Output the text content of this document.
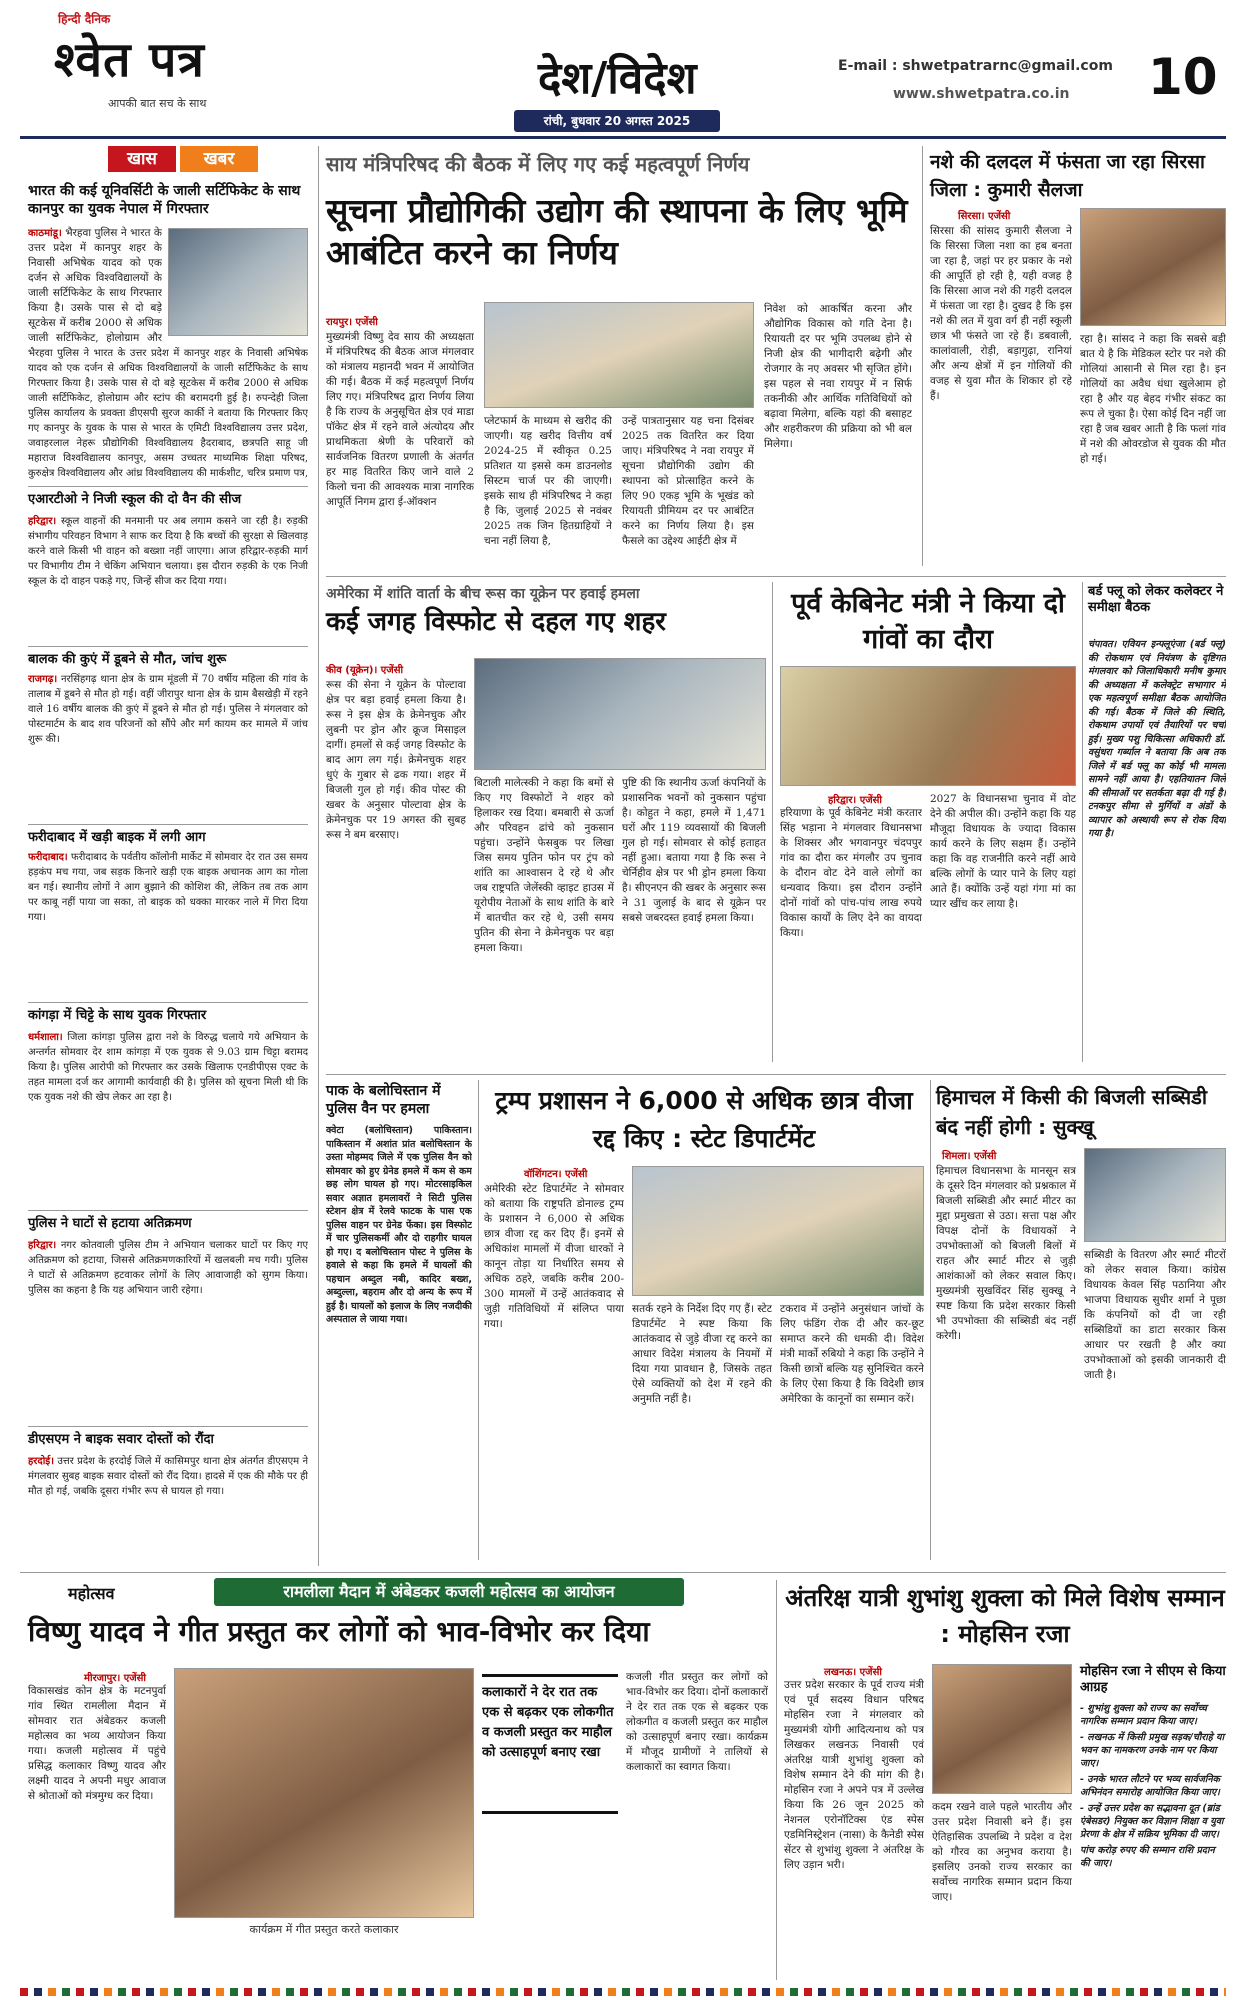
हिन्दी दैनिक
श्वेत पत्र
आपकी बात सच के साथ	देश/विदेश
रांची, बुधवार 20 अगस्त 2025
E-mail : shwetpatrarnc@gmail.com
www.shwetpatra.co.in 10
खास	खबर
भारत की कई यूनिवर्सिटी के जाली सर्टिफिकेट के साथ कानपुर का युवक नेपाल में गिरफ्तार
काठमांडू। भैरहवा पुलिस ने भारत के उत्तर प्रदेश में कानपुर शहर के निवासी अभिषेक यादव को एक दर्जन से अधिक विश्वविद्यालयों के जाली सर्टिफिकेट के साथ गिरफ्तार किया है। उसके पास से दो बड़े सूटकेस में करीब 2000 से अधिक जाली सर्टिफिकेट, होलोग्राम और
भैरहवा पुलिस ने भारत के उत्तर प्रदेश में कानपुर शहर के निवासी अभिषेक यादव को एक दर्जन से अधिक विश्वविद्यालयों के जाली सर्टिफिकेट के साथ गिरफ्तार किया है। उसके पास से दो बड़े सूटकेस में करीब 2000 से अधिक जाली सर्टिफिकेट, होलोग्राम और स्टांप की बरामदगी हुई है। रुपन्देही जिला पुलिस कार्यालय के प्रवक्ता डीएसपी सुरज कार्की ने बताया कि गिरफ्तार किए गए कानपुर के युवक के पास से भारत के एमिटी विश्वविद्यालय उत्तर प्रदेश, जवाहरलाल नेहरू प्रौद्योगिकी विश्वविद्यालय हैदराबाद, छत्रपति साहू जी महाराज विश्वविद्यालय कानपुर, असम उच्चतर माध्यमिक शिक्षा परिषद, कुरुक्षेत्र विश्वविद्यालय और आंध्र विश्वविद्यालय की मार्कशीट, चरित्र प्रमाण पत्र,
एआरटीओ ने निजी स्कूल की दो वैन की सीज
हरिद्वार। स्कूल वाहनों की मनमानी पर अब लगाम कसने जा रही है। रुड़की संभागीय परिवहन विभाग ने साफ कर दिया है कि बच्चों की सुरक्षा से खिलवाड़ करने वाले किसी भी वाहन को बख्शा नहीं जाएगा। आज हरिद्वार-रुड़की मार्ग पर विभागीय टीम ने चेकिंग अभियान चलाया। इस दौरान रुड़की के एक निजी स्कूल के दो वाहन पकड़े गए, जिन्हें सीज कर दिया गया।
बालक की कुएं में डूबने से मौत, जांच शुरू
राजगढ़। नरसिंहगढ़ थाना क्षेत्र के ग्राम मूंडली में 70 वर्षीय महिला की गांव के तालाब में डूबने से मौत हो गई। वहीं जीरापुर थाना क्षेत्र के ग्राम बैसखेड़ी में रहने वाले 16 वर्षीय बालक की कुएं में डूबने से मौत हो गई। पुलिस ने मंगलवार को पोस्टमार्टम के बाद शव परिजनों को सौंपे और मर्ग कायम कर मामले में जांच शुरू की।
फरीदाबाद में खड़ी बाइक में लगी आग
फरीदाबाद। फरीदाबाद के पर्वतीय कॉलोनी मार्केट में सोमवार देर रात उस समय हड़कंप मच गया, जब सड़क किनारे खड़ी एक बाइक अचानक आग का गोला बन गई। स्थानीय लोगों ने आग बुझाने की कोशिश की, लेकिन तब तक आग पर काबू नहीं पाया जा सका, तो बाइक को धक्का मारकर नाले में गिरा दिया गया।
कांगड़ा में चिट्टे के साथ युवक गिरफ्तार
धर्मशाला। जिला कांगड़ा पुलिस द्वारा नशे के विरुद्ध चलाये गये अभियान के अन्तर्गत सोमवार देर शाम कांगड़ा में एक युवक से 9.03 ग्राम चिट्टा बरामद किया है। पुलिस आरोपी को गिरफ्तार कर उसके खिलाफ एनडीपीएस एक्ट के तहत मामला दर्ज कर आगामी कार्यवाही की है। पुलिस को सूचना मिली थी कि एक युवक नशे की खेप लेकर आ रहा है।
पुलिस ने घाटों से हटाया अतिक्रमण
हरिद्वार। नगर कोतवाली पुलिस टीम ने अभियान चलाकर घाटों पर किए गए अतिक्रमण को हटाया, जिससे अतिक्रमणकारियों में खलबली मच गयी। पुलिस ने घाटों से अतिक्रमण हटवाकर लोगों के लिए आवाजाही को सुगम किया। पुलिस का कहना है कि यह अभियान जारी रहेगा।
डीएसएम ने बाइक सवार दोस्तों को रौंदा
हरदोई। उत्तर प्रदेश के हरदोई जिले में कासिमपुर थाना क्षेत्र अंतर्गत डीएसएम ने मंगलवार सुबह बाइक सवार दोस्तों को रौंद दिया। हादसे में एक की मौके पर ही मौत हो गई, जबकि दूसरा गंभीर रूप से घायल हो गया।
साय मंत्रिपरिषद की बैठक में लिए गए कई महत्वपूर्ण निर्णय
सूचना प्रौद्योगिकी उद्योग की स्थापना के लिए भूमि आबंटित करने का निर्णय
रायपुर। एजेंसी
मुख्यमंत्री विष्णु देव साय की अध्यक्षता में मंत्रिपरिषद की बैठक आज मंगलवार को मंत्रालय महानदी भवन में आयोजित की गई। बैठक में कई महत्वपूर्ण निर्णय लिए गए। मंत्रिपरिषद द्वारा निर्णय लिया है कि राज्य के अनुसूचित क्षेत्र एवं माडा पॉकेट क्षेत्र में रहने वाले अंत्योदय और प्राथमिकता श्रेणी के परिवारों को सार्वजनिक वितरण प्रणाली के अंतर्गत हर माह वितरित किए जाने वाले 2 किलो चना की आवश्यक मात्रा नागरिक आपूर्ति निगम द्वारा ई-ऑक्शन
प्लेटफार्म के माध्यम से खरीद की जाएगी। यह खरीद वित्तीय वर्ष 2024-25 में स्वीकृत 0.25 प्रतिशत या इससे कम डाउनलोड सिस्टम चार्ज पर की जाएगी। इसके साथ ही मंत्रिपरिषद ने कहा है कि, जुलाई 2025 से नवंबर 2025 तक जिन हितग्राहियों ने चना नहीं लिया है,
उन्हें पात्रतानुसार यह चना दिसंबर 2025 तक वितरित कर दिया जाए। मंत्रिपरिषद ने नवा रायपुर में सूचना प्रौद्योगिकी उद्योग की स्थापना को प्रोत्साहित करने के लिए 90 एकड़ भूमि के भूखंड को रियायती प्रीमियम दर पर आबंटित करने का निर्णय लिया है। इस फैसले का उद्देश्य आईटी क्षेत्र में
निवेश को आकर्षित करना और औद्योगिक विकास को गति देना है। रियायती दर पर भूमि उपलब्ध होने से निजी क्षेत्र की भागीदारी बढ़ेगी और रोजगार के नए अवसर भी सृजित होंगे। इस पहल से नवा रायपुर में न सिर्फ तकनीकी और आर्थिक गतिविधियों को बढ़ावा मिलेगा, बल्कि यहां की बसाहट और शहरीकरण की प्रक्रिया को भी बल मिलेगा।
नशे की दलदल में फंसता जा रहा सिरसा जिला : कुमारी सैलजा
सिरसा। एजेंसी
सिरसा की सांसद कुमारी सैलजा ने कि सिरसा जिला नशा का हब बनता जा रहा है, जहां पर हर प्रकार के नशे की आपूर्ति हो रही है, यही वजह है कि सिरसा आज नशे की गहरी दलदल में फंसता जा रहा है। दुखद है कि इस नशे की लत में युवा वर्ग ही नहीं स्कूली छात्र भी फंसते जा रहे हैं। डबवाली, कालांवाली, रोड़ी, बड़ागुढ़ा, रानियां और अन्य क्षेत्रों में इन गोलियों की वजह से युवा मौत के शिकार हो रहे हैं।
रहा है। सांसद ने कहा कि सबसे बड़ी बात ये है कि मेडिकल स्टोर पर नशे की गोलियां आसानी से मिल रहा है। इन गोलियों का अवैध धंधा खुलेआम हो रहा है और यह बेहद गंभीर संकट का रूप ले चुका है। ऐसा कोई दिन नहीं जा रहा है जब खबर आती है कि फलां गांव में नशे की ओवरडोज से युवक की मौत हो गई।
अमेरिका में शांति वार्ता के बीच रूस का यूक्रेन पर हवाई हमला
कई जगह विस्फोट से दहल गए शहर
कीव (यूक्रेन)। एजेंसी
रूस की सेना ने यूक्रेन के पोल्टावा क्षेत्र पर बड़ा हवाई हमला किया है। रूस ने इस क्षेत्र के क्रेमेनचुक और लुबनी पर ड्रोन और क्रूज मिसाइल दागीं। हमलों से कई जगह विस्फोट के बाद आग लग गई। क्रेमेनचुक शहर धुएं के गुबार से ढक गया। शहर में बिजली गुल हो गई। कीव पोस्ट की खबर के अनुसार पोल्टावा क्षेत्र के क्रेमेनचुक पर 19 अगस्त की सुबह रूस ने बम बरसाए।
बिटाली मालेत्स्की ने कहा कि बमों से किए गए विस्फोटों ने शहर को हिलाकर रख दिया। बमबारी से ऊर्जा और परिवहन ढांचे को नुकसान पहुंचा। उन्होंने फेसबुक पर लिखा जिस समय पुतिन फोन पर ट्रंप को शांति का आश्वासन दे रहे थे और जब राष्ट्रपति जेलेंस्की व्हाइट हाउस में यूरोपीय नेताओं के साथ शांति के बारे में बातचीत कर रहे थे, उसी समय पुतिन की सेना ने क्रेमेनचुक पर बड़ा हमला किया।
पुष्टि की कि स्थानीय ऊर्जा कंपनियों के प्रशासनिक भवनों को नुकसान पहुंचा है। कोहुत ने कहा, हमले में 1,471 घरों और 119 व्यवसायों की बिजली गुल हो गई। सोमवार से कोई हताहत नहीं हुआ। बताया गया है कि रूस ने चेर्निहीव क्षेत्र पर भी ड्रोन हमला किया है। सीएनएन की खबर के अनुसार रूस ने 31 जुलाई के बाद से यूक्रेन पर सबसे जबरदस्त हवाई हमला किया।
पूर्व केबिनेट मंत्री ने किया दो गांवों का दौरा
हरिद्वार। एजेंसी
हरियाणा के पूर्व केबिनेट मंत्री करतार सिंह भड़ाना ने मंगलवार विधानसभा के शिक्सर और भगवानपुर चंदपपुर गांव का दौरा कर मंगलौर उप चुनाव के दौरान वोट देने वाले लोगों का धन्यवाद किया। इस दौरान उन्होंने दोनों गांवों को पांच-पांच लाख रुपये विकास कार्यों के लिए देने का वायदा किया।
2027 के विधानसभा चुनाव में वोट देने की अपील की। उन्होंने कहा कि यह मौजूदा विधायक के ज्यादा विकास कार्य करने के लिए सक्षम हैं। उन्होंने कहा कि वह राजनीति करने नहीं आये बल्कि लोगों के प्यार पाने के लिए यहां आते हैं। क्योंकि उन्हें यहां गंगा मां का प्यार खींच कर लाया है।
बर्ड फ्लू को लेकर कलेक्टर ने समीक्षा बैठक
चंपावत। एवियन इन्फ्लूएंजा (बर्ड फ्लू) की रोकथाम एवं नियंत्रण के दृष्टिगत मंगलवार को जिलाधिकारी मनीष कुमार की अध्यक्षता में कलेक्ट्रेट सभागार में एक महत्वपूर्ण समीक्षा बैठक आयोजित की गई। बैठक में जिले की स्थिति, रोकथाम उपायों एवं तैयारियों पर चर्चा हुई। मुख्य पशु चिकित्सा अधिकारी डॉ. वसुंधरा गर्ब्याल ने बताया कि अब तक जिले में बर्ड फ्लू का कोई भी मामला सामने नहीं आया है। एहतियातन जिले की सीमाओं पर सतर्कता बढ़ा दी गई है। टनकपुर सीमा से मुर्गियों व अंडों के व्यापार को अस्थायी रूप से रोक दिया गया है।
पाक के बलोचिस्तान में पुलिस वैन पर हमला
क्वेटा (बलोचिस्तान) पाकिस्तान। पाकिस्तान में अशांत प्रांत बलोचिस्तान के उस्ता मोहम्मद जिले में एक पुलिस वैन को सोमवार को हुए ग्रेनेड हमले में कम से कम छह लोग घायल हो गए। मोटरसाइकिल सवार अज्ञात हमलावरों ने सिटी पुलिस स्टेशन क्षेत्र में रेलवे फाटक के पास एक पुलिस वाहन पर ग्रेनेड फेंका। इस विस्फोट में चार पुलिसकर्मी और दो राहगीर घायल हो गए। द बलोचिस्तान पोस्ट ने पुलिस के हवाले से कहा कि हमले में घायलों की पहचान अब्दुल नबी, कादिर बख्श, अब्दुल्ला, बहराम और दो अन्य के रूप में हुई है। घायलों को इलाज के लिए नजदीकी अस्पताल ले जाया गया।
ट्रम्प प्रशासन ने 6,000 से अधिक छात्र वीजा रद्द किए : स्टेट डिपार्टमेंट
वॉशिंगटन। एजेंसी
अमेरिकी स्टेट डिपार्टमेंट ने सोमवार को बताया कि राष्ट्रपति डोनाल्ड ट्रम्प के प्रशासन ने 6,000 से अधिक छात्र वीजा रद्द कर दिए हैं। इनमें से अधिकांश मामलों में वीजा धारकों ने कानून तोड़ा या निर्धारित समय से अधिक ठहरे, जबकि करीब 200-300 मामलों में उन्हें आतंकवाद से जुड़ी गतिविधियों में संलिप्त पाया गया।
सतर्क रहने के निर्देश दिए गए हैं। स्टेट डिपार्टमेंट ने स्पष्ट किया कि आतंकवाद से जुड़े वीजा रद्द करने का आधार विदेश मंत्रालय के नियमों में दिया गया प्रावधान है, जिसके तहत ऐसे व्यक्तियों को देश में रहने की अनुमति नहीं है।
टकराव में उन्होंने अनुसंधान जांचों के लिए फंडिंग रोक दी और कर-छूट समाप्त करने की धमकी दी। विदेश मंत्री मार्को रुबियो ने कहा कि उन्होंने ने किसी छात्रों बल्कि यह सुनिश्चित करने के लिए ऐसा किया है कि विदेशी छात्र अमेरिका के कानूनों का सम्मान करें।
हिमाचल में किसी की बिजली सब्सिडी बंद नहीं होगी : सुक्खू
शिमला। एजेंसी
हिमाचल विधानसभा के मानसून सत्र के दूसरे दिन मंगलवार को प्रश्नकाल में बिजली सब्सिडी और स्मार्ट मीटर का मुद्दा प्रमुखता से उठा। सत्ता पक्ष और विपक्ष दोनों के विधायकों ने उपभोक्ताओं को बिजली बिलों में राहत और स्मार्ट मीटर से जुड़ी आशंकाओं को लेकर सवाल किए। मुख्यमंत्री सुखविंदर सिंह सुक्खू ने स्पष्ट किया कि प्रदेश सरकार किसी भी उपभोक्ता की सब्सिडी बंद नहीं करेगी।
सब्सिडी के वितरण और स्मार्ट मीटरों को लेकर सवाल किया। कांग्रेस विधायक केवल सिंह पठानिया और भाजपा विधायक सुधीर शर्मा ने पूछा कि कंपनियों को दी जा रही सब्सिडियों का डाटा सरकार किस आधार पर रखती है और क्या उपभोक्ताओं को इसकी जानकारी दी जाती है।
महोत्सव	रामलीला मैदान में अंबेडकर कजली महोत्सव का आयोजन
विष्णु यादव ने गीत प्रस्तुत कर लोगों को भाव-विभोर कर दिया
मीरजापुर। एजेंसी
विकासखंड कोन क्षेत्र के मटनपुर्वा गांव स्थित रामलीला मैदान में सोमवार रात अंबेडकर कजली महोत्सव का भव्य आयोजन किया गया। कजली महोत्सव में पहुंचे प्रसिद्ध कलाकार विष्णु यादव और लक्ष्मी यादव ने अपनी मधुर आवाज से श्रोताओं को मंत्रमुग्ध कर दिया।
कार्यक्रम में गीत प्रस्तुत करते कलाकार
कलाकारों ने देर रात तक एक से बढ़कर एक लोकगीत व कजली प्रस्तुत कर माहौल को उत्साहपूर्ण बनाए रखा
कजली गीत प्रस्तुत कर लोगों को भाव-विभोर कर दिया। दोनों कलाकारों ने देर रात तक एक से बढ़कर एक लोकगीत व कजली प्रस्तुत कर माहौल को उत्साहपूर्ण बनाए रखा। कार्यक्रम में मौजूद ग्रामीणों ने तालियों से कलाकारों का स्वागत किया।
अंतरिक्ष यात्री शुभांशु शुक्ला को मिले विशेष सम्मान : मोहसिन रजा
लखनऊ। एजेंसी
उत्तर प्रदेश सरकार के पूर्व राज्य मंत्री एवं पूर्व सदस्य विधान परिषद मोहसिन रजा ने मंगलवार को मुख्यमंत्री योगी आदित्यनाथ को पत्र लिखकर लखनऊ निवासी एवं अंतरिक्ष यात्री शुभांशु शुक्ला को विशेष सम्मान देने की मांग की है। मोहसिन रजा ने अपने पत्र में उल्लेख किया कि 26 जून 2025 को नेशनल एरोनॉटिक्स एंड स्पेस एडमिनिस्ट्रेशन (नासा) के कैनेडी स्पेस सेंटर से शुभांशु शुक्ला ने अंतरिक्ष के लिए उड़ान भरी।
कदम रखने वाले पहले भारतीय और उत्तर प्रदेश निवासी बने हैं। इस ऐतिहासिक उपलब्धि ने प्रदेश व देश को गौरव का अनुभव कराया है। इसलिए उनको राज्य सरकार का सर्वोच्च नागरिक सम्मान प्रदान किया जाए।
मोहसिन रजा ने सीएम से किया आग्रह
- शुभांशु शुक्ला को राज्य का सर्वोच्च नागरिक सम्मान प्रदान किया जाए।
- लखनऊ में किसी प्रमुख सड़क/चौराहे या भवन का नामकरण उनके नाम पर किया जाए।
- उनके भारत लौटने पर भव्य सार्वजनिक अभिनंदन समारोह आयोजित किया जाए।
- उन्हें उत्तर प्रदेश का सद्भावना दूत (ब्रांड एंबेसडर) नियुक्त कर विज्ञान शिक्षा व युवा प्रेरणा के क्षेत्र में सक्रिय भूमिका दी जाए।
पांच करोड़ रुपए की सम्मान राशि प्रदान की जाए।
